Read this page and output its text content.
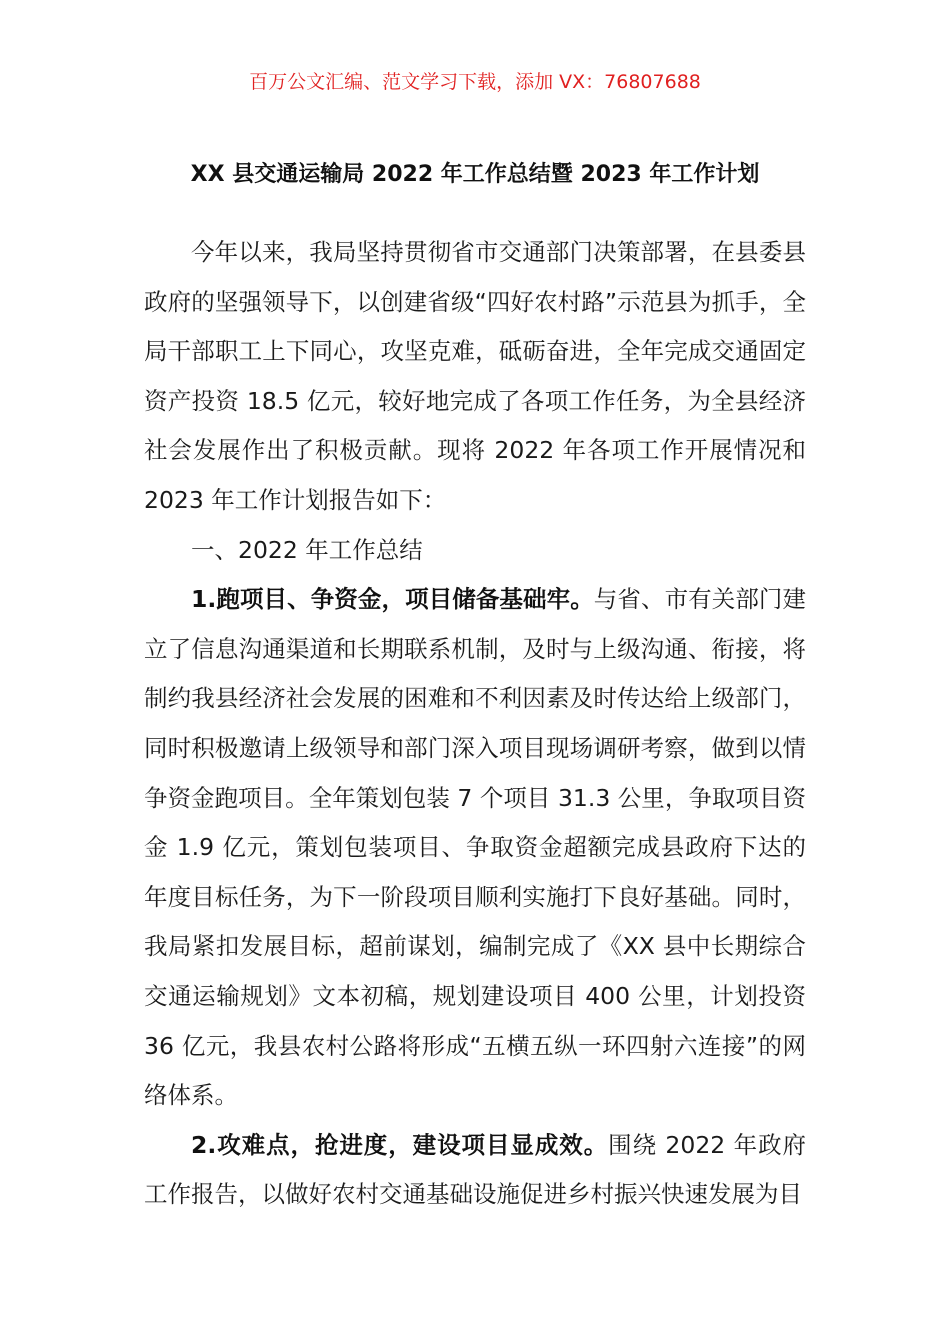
百万公文汇编、范文学习下载，添加 VX：76807688
XX 县交通运输局 2022 年工作总结暨 2023 年工作计划

今年以来，我局坚持贯彻省市交通部门决策部署，在县委县政府的坚强领导下，以创建省级“四好农村路”示范县为抓手，全局干部职工上下同心，攻坚克难，砥砺奋进，全年完成交通固定资产投资 18.5 亿元，较好地完成了各项工作任务，为全县经济社会发展作出了积极贡献。现将 2022 年各项工作开展情况和 2023 年工作计划报告如下：

一、2022 年工作总结

1.跑项目、争资金，项目储备基础牢。与省、市有关部门建立了信息沟通渠道和长期联系机制，及时与上级沟通、衔接，将制约我县经济社会发展的困难和不利因素及时传达给上级部门，同时积极邀请上级领导和部门深入项目现场调研考察，做到以情争资金跑项目。全年策划包装 7 个项目 31.3 公里，争取项目资金 1.9 亿元，策划包装项目、争取资金超额完成县政府下达的年度目标任务，为下一阶段项目顺利实施打下良好基础。同时，我局紧扣发展目标，超前谋划，编制完成了《XX 县中长期综合交通运输规划》文本初稿，规划建设项目 400 公里，计划投资 36 亿元，我县农村公路将形成“五横五纵一环四射六连接”的网络体系。

2.攻难点，抢进度，建设项目显成效。围绕 2022 年政府工作报告，以做好农村交通基础设施促进乡村振兴快速发展为目
